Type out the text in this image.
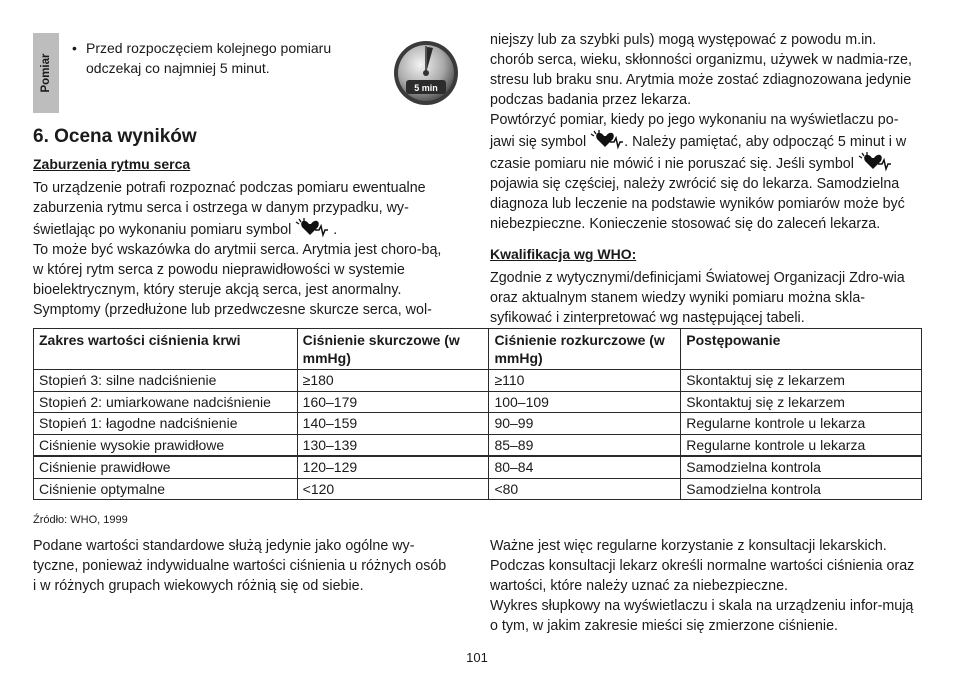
Pomiar
• Przed rozpoczęciem kolejnego pomiaru odczekaj co najmniej 5 minut.
5 min
6. Ocena wyników
Zaburzenia rytmu serca

To urządzenie potrafi rozpoznać podczas pomiaru ewentualne zaburzenia rytmu serca i ostrzega w danym przypadku, wy-świetlając po wykonaniu pomiaru symbol	.

To może być wskazówka do arytmii serca. Arytmia jest choro-bą, w której rytm serca z powodu nieprawidłowości w systemie bioelektrycznym, który steruje akcją serca, jest anormalny. Symptomy (przedłużone lub przedwczesne skurcze serca, wol-

niejszy lub za szybki puls) mogą występować z powodu m.in. chorób serca, wieku, skłonności organizmu, używek w nadmia-rze, stresu lub braku snu. Arytmia może zostać zdiagnozowana jedynie podczas badania przez lekarza.

Powtórzyć pomiar, kiedy po jego wykonaniu na wyświetlaczu po-jawi się symbol	. Należy pamiętać, aby odpocząć 5 minut i w czasie pomiaru nie mówić i nie poruszać się. Jeśli symbol  pojawia się częściej, należy zwrócić się do lekarza. Samodzielna diagnoza lub leczenie na podstawie wyników pomiarów może być niebezpieczne. Konieczenie stosować się do zaleceń lekarza.

Kwalifikacja wg WHO:

Zgodnie z wytycznymi/definicjami Światowej Organizacji Zdro-wia oraz aktualnym stanem wiedzy wyniki pomiaru można skla-syfikować i zinterpretować wg następującej tabeli.

Zakres wartości ciśnienia krwi	Ciśnienie skurczowe (w mmHg)	Ciśnienie rozkurczowe (w mmHg)	Postępowanie
Stopień 3: silne nadciśnienie	≥180	≥110	Skontaktuj się z lekarzem
Stopień 2: umiarkowane nadciśnienie	160–179	100–109	Skontaktuj się z lekarzem
Stopień 1: łagodne nadciśnienie	140–159	90–99	Regularne kontrole u lekarza
Ciśnienie wysokie prawidłowe	130–139	85–89	Regularne kontrole u lekarza
Ciśnienie prawidłowe	120–129	80–84	Samodzielna kontrola
Ciśnienie optymalne	<120	<80	Samodzielna kontrola
Źródło: WHO, 1999

Podane wartości standardowe służą jedynie jako ogólne wy-tyczne, ponieważ indywidualne wartości ciśnienia u różnych osób i w różnych grupach wiekowych różnią się od siebie.

Ważne jest więc regularne korzystanie z konsultacji lekarskich. Podczas konsultacji lekarz określi normalne wartości ciśnienia oraz wartości, które należy uznać za niebezpieczne.

Wykres słupkowy na wyświetlaczu i skala na urządzeniu infor-mują o tym, w jakim zakresie mieści się zmierzone ciśnienie.

101
